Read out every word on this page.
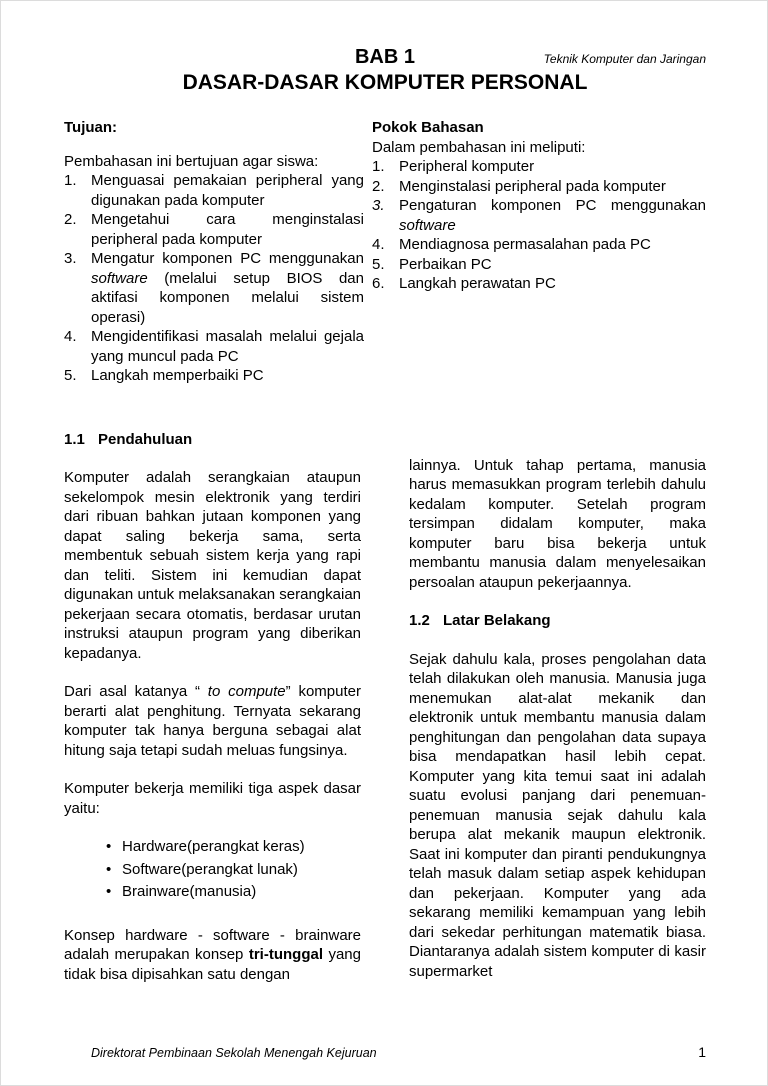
BAB 1	Teknik Komputer dan Jaringan
DASAR-DASAR KOMPUTER PERSONAL
Tujuan:
Pembahasan ini bertujuan agar siswa:
1. Menguasai pemakaian peripheral yang digunakan pada komputer
2. Mengetahui cara menginstalasi peripheral pada komputer
3. Mengatur komponen PC menggunakan software (melalui setup BIOS dan aktifasi komponen melalui sistem operasi)
4. Mengidentifikasi masalah melalui gejala yang muncul pada PC
5. Langkah memperbaiki PC
Pokok Bahasan
Dalam pembahasan ini meliputi:
1. Peripheral komputer
2. Menginstalasi peripheral pada komputer
3. Pengaturan komponen PC menggunakan software
4. Mendiagnosa permasalahan pada PC
5. Perbaikan PC
6. Langkah perawatan PC
1.1 Pendahuluan

Komputer adalah serangkaian ataupun sekelompok mesin elektronik yang terdiri dari ribuan bahkan jutaan komponen yang dapat saling bekerja sama, serta membentuk sebuah sistem kerja yang rapi dan teliti. Sistem ini kemudian dapat digunakan untuk melaksanakan serangkaian pekerjaan secara otomatis, berdasar urutan instruksi ataupun program yang diberikan kepadanya.

Dari asal katanya “ to compute” komputer berarti alat penghitung. Ternyata sekarang komputer tak hanya berguna sebagai alat hitung saja tetapi sudah meluas fungsinya.

Komputer bekerja memiliki tiga aspek dasar yaitu:

• Hardware(perangkat keras)
• Software(perangkat lunak)
• Brainware(manusia)

Konsep hardware - software - brainware adalah merupakan konsep tri-tunggal yang tidak bisa dipisahkan satu dengan

lainnya. Untuk tahap pertama, manusia harus memasukkan program terlebih dahulu kedalam komputer. Setelah program tersimpan didalam komputer, maka komputer baru bisa bekerja untuk membantu manusia dalam menyelesaikan persoalan ataupun pekerjaannya.

1.2 Latar Belakang

Sejak dahulu kala, proses pengolahan data telah dilakukan oleh manusia. Manusia juga menemukan alat-alat mekanik dan elektronik untuk membantu manusia dalam penghitungan dan pengolahan data supaya bisa mendapatkan hasil lebih cepat. Komputer yang kita temui saat ini adalah suatu evolusi panjang dari penemuan-penemuan manusia sejak dahulu kala berupa alat mekanik maupun elektronik. Saat ini komputer dan piranti pendukungnya telah masuk dalam setiap aspek kehidupan dan pekerjaan. Komputer yang ada sekarang memiliki kemampuan yang lebih dari sekedar perhitungan matematik biasa. Diantaranya adalah sistem komputer di kasir supermarket

Direktorat Pembinaan Sekolah Menengah Kejuruan	1
